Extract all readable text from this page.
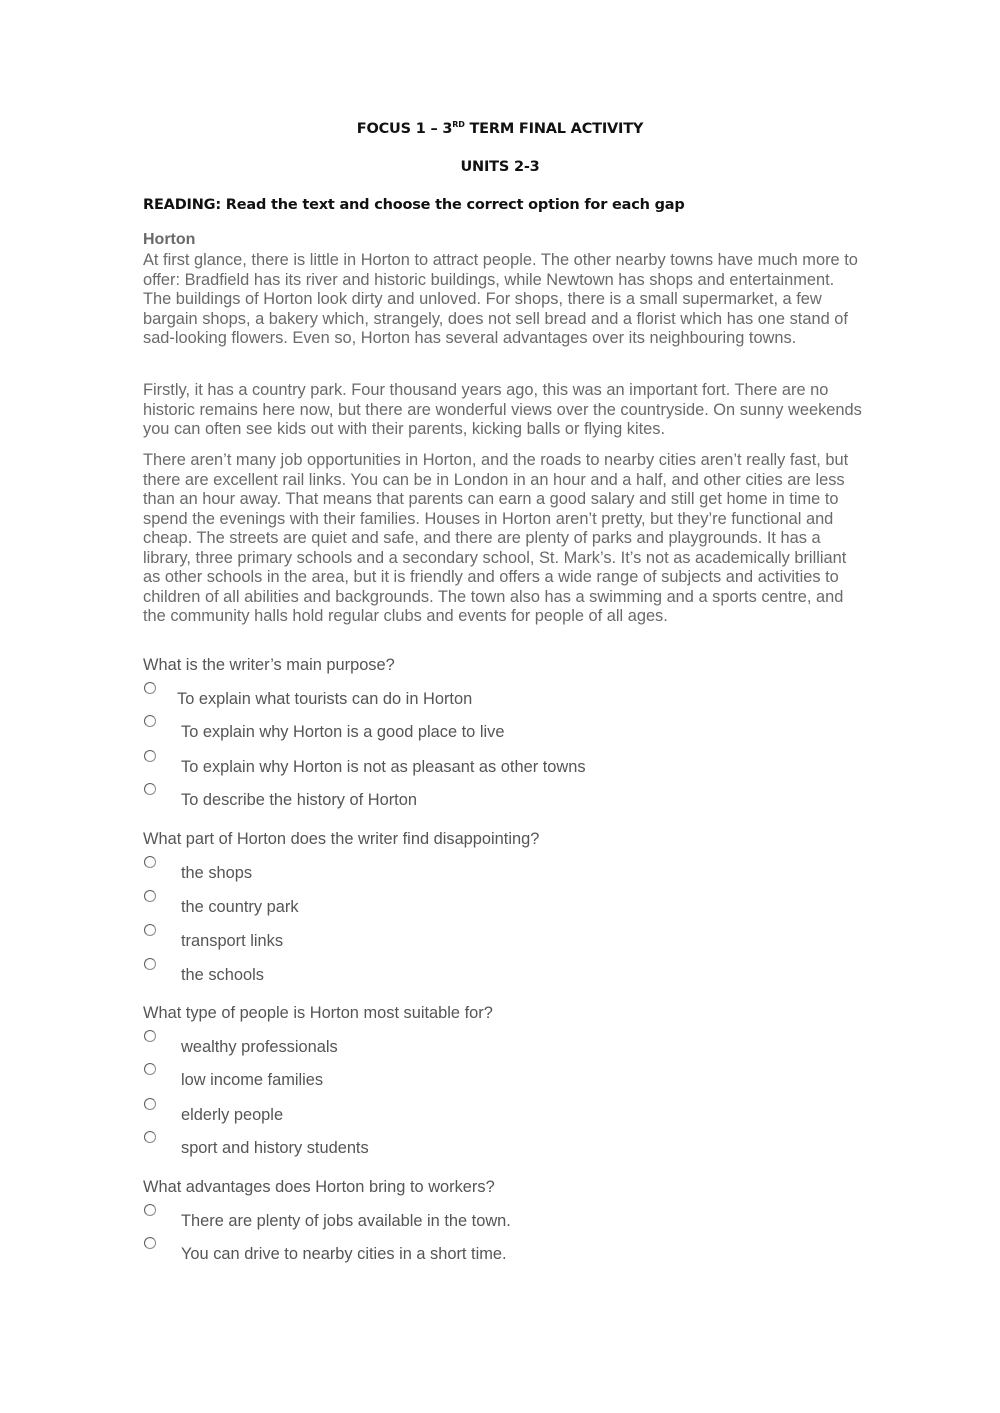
FOCUS 1 – 3RD TERM FINAL ACTIVITY
UNITS 2-3
READING: Read the text and choose the correct option for each gap
Horton

At first glance, there is little in Horton to attract people. The other nearby towns have much more to offer: Bradfield has its river and historic buildings, while Newtown has shops and entertainment. The buildings of Horton look dirty and unloved. For shops, there is a small supermarket, a few bargain shops, a bakery which, strangely, does not sell bread and a florist which has one stand of sad-looking flowers. Even so, Horton has several advantages over its neighbouring towns.

Firstly, it has a country park. Four thousand years ago, this was an important fort. There are no historic remains here now, but there are wonderful views over the countryside. On sunny weekends you can often see kids out with their parents, kicking balls or flying kites.

There aren’t many job opportunities in Horton, and the roads to nearby cities aren’t really fast, but there are excellent rail links. You can be in London in an hour and a half, and other cities are less than an hour away. That means that parents can earn a good salary and still get home in time to spend the evenings with their families. Houses in Horton aren’t pretty, but they’re functional and cheap. The streets are quiet and safe, and there are plenty of parks and playgrounds. It has a library, three primary schools and a secondary school, St. Mark’s. It’s not as academically brilliant as other schools in the area, but it is friendly and offers a wide range of subjects and activities to children of all abilities and backgrounds. The town also has a swimming and a sports centre, and the community halls hold regular clubs and events for people of all ages.

What is the writer’s main purpose?
To explain what tourists can do in Horton
To explain why Horton is a good place to live
To explain why Horton is not as pleasant as other towns
To describe the history of Horton
What part of Horton does the writer find disappointing?
the shops
the country park
transport links
the schools
What type of people is Horton most suitable for?
wealthy professionals
low income families
elderly people
sport and history students
What advantages does Horton bring to workers?
There are plenty of jobs available in the town.
You can drive to nearby cities in a short time.
